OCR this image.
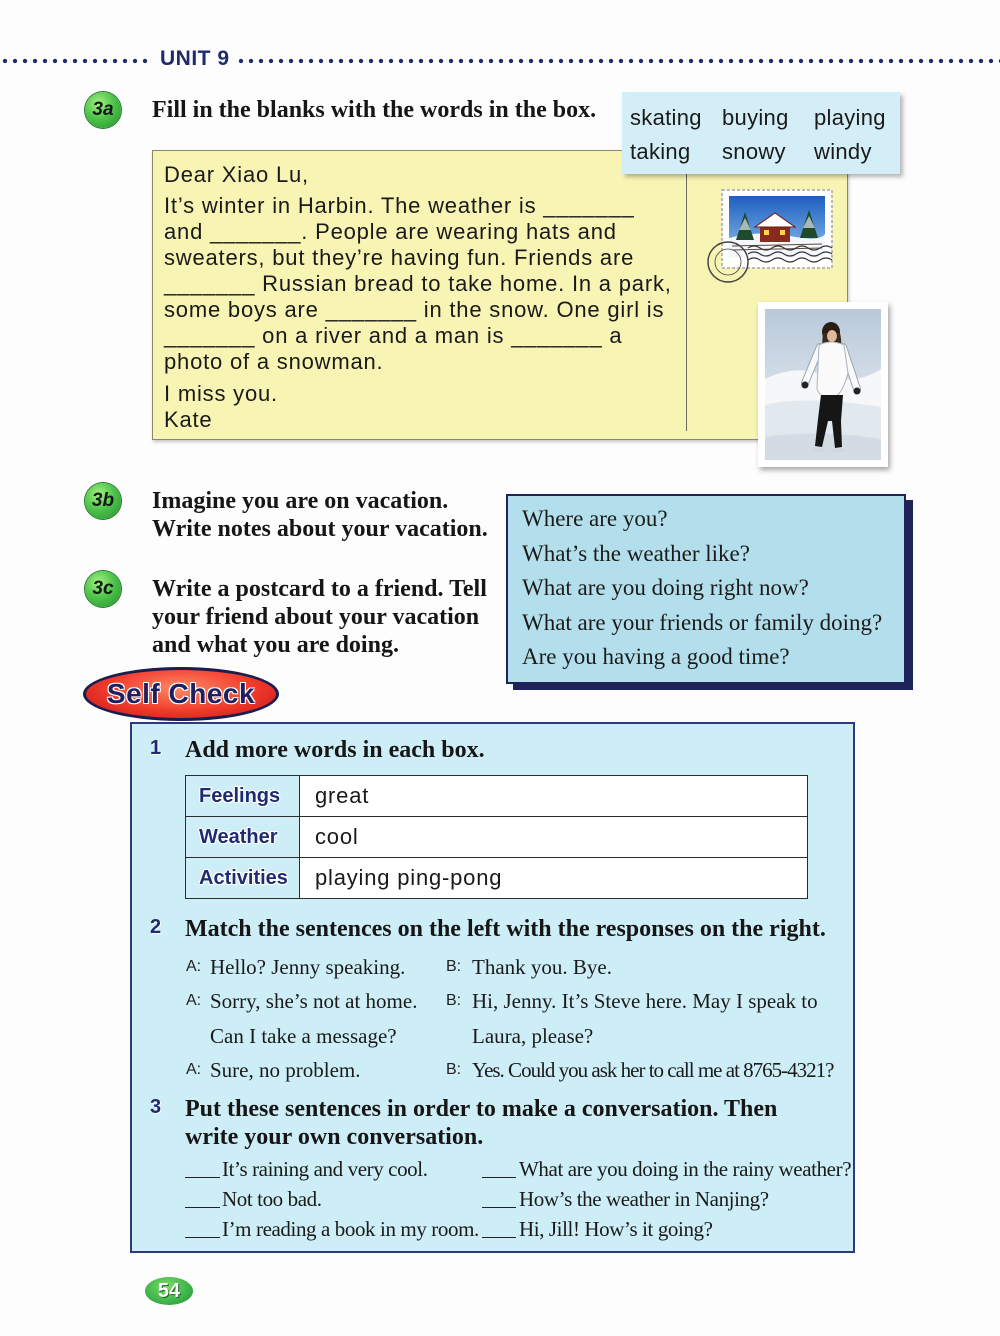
UNIT 9
3a	Fill in the blanks with the words in the box. skating buying playing
taking snowy windy
Dear Xiao Lu,
It’s winter in Harbin. The weather is _______
and _______. People are wearing hats and
sweaters, but they’re having fun. Friends are
_______ Russian bread to take home. In a park,
some boys are _______ in the snow. One girl is
_______ on a river and a man is _______ a
photo of a snowman.
I miss you.
Kate
3b Imagine you are on vacation.
Write notes about your vacation.
3c	Write a postcard to a friend. Tell
your friend about your vacation
and what you are doing.
Where are you?
What’s the weather like?
What are you doing right now?
What are your friends or family doing?
Are you having a good time?
Self Check
1 Add more words in each box.
Feelings	great
Weather	cool
Activities	playing ping-pong
2 Match the sentences on the left with the responses on the right.
A: Hello? Jenny speaking.	B: Thank you. Bye.
A: Sorry, she’s not at home. B: Hi, Jenny. It’s Steve here. May I speak to
Can I take a message?	Laura, please?
A: Sure, no problem.	B: Yes. Could you ask her to call me at 8765-4321?
3 Put these sentences in order to make a conversation. Then
write your own conversation.
It’s raining and very cool.	What are you doing in the rainy weather?
Not too bad.	How’s the weather in Nanjing?
I’m reading a book in my room. Hi, Jill! How’s it going?
54
